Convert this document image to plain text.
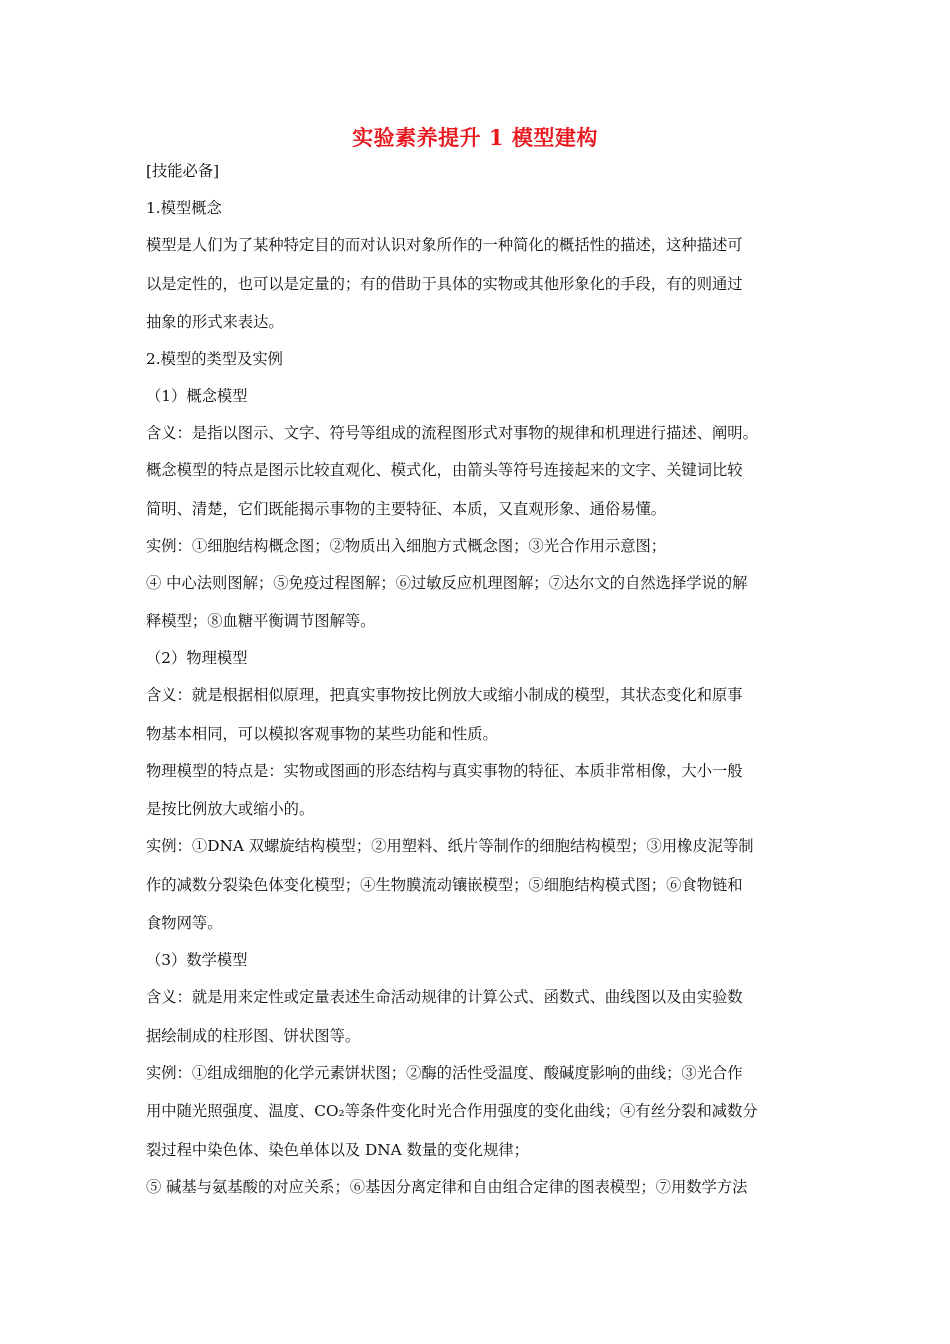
实验素养提升 1 模型建构
[技能必备]
1.模型概念
模型是人们为了某种特定目的而对认识对象所作的一种简化的概括性的描述，这种描述可
以是定性的，也可以是定量的；有的借助于具体的实物或其他形象化的手段，有的则通过
抽象的形式来表达。
2.模型的类型及实例
（1）概念模型
含义：是指以图示、文字、符号等组成的流程图形式对事物的规律和机理进行描述、阐明。
概念模型的特点是图示比较直观化、模式化，由箭头等符号连接起来的文字、关键词比较
简明、清楚，它们既能揭示事物的主要特征、本质，又直观形象、通俗易懂。
实例：①细胞结构概念图；②物质出入细胞方式概念图；③光合作用示意图；
④ 中心法则图解；⑤免疫过程图解；⑥过敏反应机理图解；⑦达尔文的自然选择学说的解
释模型；⑧血糖平衡调节图解等。
（2）物理模型
含义：就是根据相似原理，把真实事物按比例放大或缩小制成的模型，其状态变化和原事
物基本相同，可以模拟客观事物的某些功能和性质。
物理模型的特点是：实物或图画的形态结构与真实事物的特征、本质非常相像，大小一般
是按比例放大或缩小的。
实例：①DNA 双螺旋结构模型；②用塑料、纸片等制作的细胞结构模型；③用橡皮泥等制
作的减数分裂染色体变化模型；④生物膜流动镶嵌模型；⑤细胞结构模式图；⑥食物链和
食物网等。
（3）数学模型
含义：就是用来定性或定量表述生命活动规律的计算公式、函数式、曲线图以及由实验数
据绘制成的柱形图、饼状图等。
实例：①组成细胞的化学元素饼状图；②酶的活性受温度、酸碱度影响的曲线；③光合作
用中随光照强度、温度、CO₂等条件变化时光合作用强度的变化曲线；④有丝分裂和减数分
裂过程中染色体、染色单体以及 DNA 数量的变化规律；
⑤ 碱基与氨基酸的对应关系；⑥基因分离定律和自由组合定律的图表模型；⑦用数学方法
